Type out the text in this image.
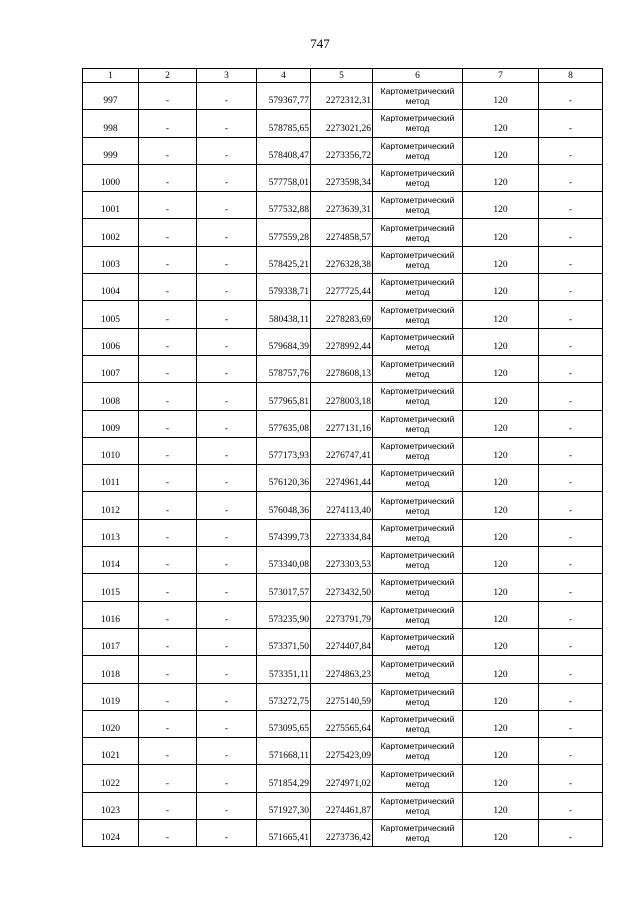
747
1	2	3	4	5	6	7	8

997	-	-	579367,77	2272312,31	Картометрический метод	120	-

998	-	-	578785,65	2273021,26	Картометрический метод	120	-

999	-	-	578408,47	2273356,72	Картометрический метод	120	-

1000	-	-	577758,01	2273598,34	Картометрический метод	120	-

1001	-	-	577532,88	2273639,31	Картометрический метод	120	-

1002	-	-	577559,28	2274858,57	Картометрический метод	120	-

1003	-	-	578425,21	2276328,38	Картометрический метод	120	-

1004	-	-	579338,71	2277725,44	Картометрический метод	120	-

1005	-	-	580438,11	2278283,69	Картометрический метод	120	-

1006	-	-	579684,39	2278992,44	Картометрический метод	120	-

1007	-	-	578757,76	2278608,13	Картометрический метод	120	-

1008	-	-	577965,81	2278003,18	Картометрический метод	120	-

1009	-	-	577635,08	2277131,16	Картометрический метод	120	-

1010	-	-	577173,93	2276747,41	Картометрический метод	120	-

1011	-	-	576120,36	2274961,44	Картометрический метод	120	-

1012	-	-	576048,36	2274113,40	Картометрический метод	120	-

1013	-	-	574399,73	2273334,84	Картометрический метод	120	-

1014	-	-	573340,08	2273303,53	Картометрический метод	120	-

1015	-	-	573017,57	2273432,50	Картометрический метод	120	-

1016	-	-	573235,90	2273791,79	Картометрический метод	120	-

1017	-	-	573371,50	2274407,84	Картометрический метод	120	-

1018	-	-	573351,11	2274863,23	Картометрический метод	120	-

1019	-	-	573272,75	2275140,59	Картометрический метод	120	-

1020	-	-	573095,65	2275565,64	Картометрический метод	120	-

1021	-	-	571668,11	2275423,09	Картометрический метод	120	-

1022	-	-	571854,29	2274971,02	Картометрический метод	120	-

1023	-	-	571927,30	2274461,87	Картометрический метод	120	-

1024	-	-	571665,41	2273736,42	Картометрический метод	120	-
